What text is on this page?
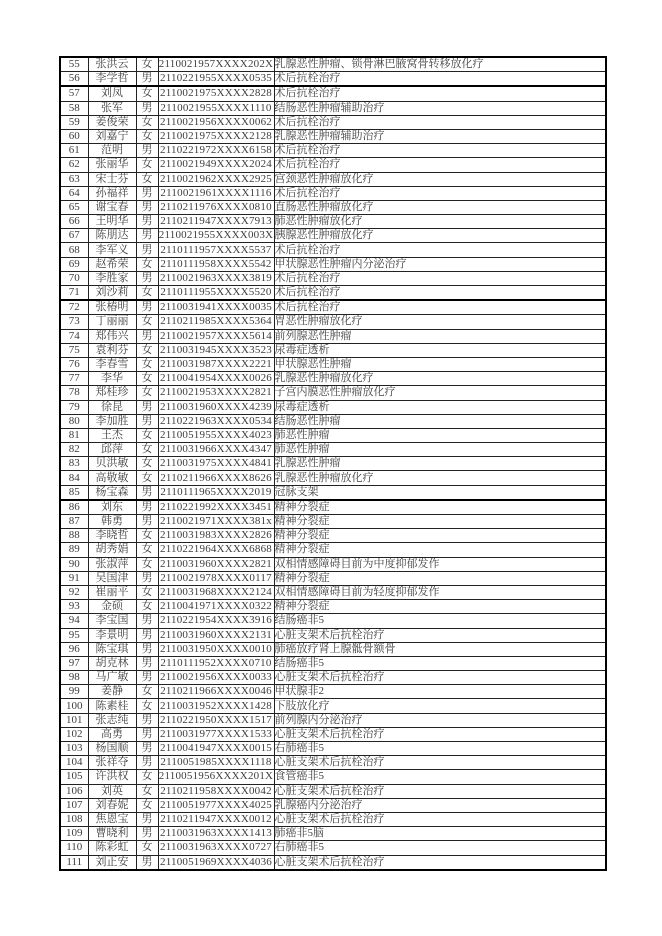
55	张洪云	女	2110021957XXXX202X	乳腺恶性肿瘤、锁骨淋巴腋窝骨转移放化疗
56	李学哲	男	2110221955XXXX0535	术后抗栓治疗
57	刘凤	女	2110021975XXXX2828	术后抗栓治疗
58	张军	男	2110021955XXXX1110	结肠恶性肿瘤辅助治疗
59	姜俊荣	女	2110021956XXXX0062	术后抗栓治疗
60	刘嘉宁	女	2110021975XXXX2128	乳腺恶性肿瘤辅助治疗
61	范明	男	2110221972XXXX6158	术后抗栓治疗
62	张丽华	女	2110021949XXXX2024	术后抗栓治疗
63	宋士芬	女	2110021962XXXX2925	宫颈恶性肿瘤放化疗
64	孙福祥	男	2110021961XXXX1116	术后抗栓治疗
65	谢宝春	男	2110211976XXXX0810	直肠恶性肿瘤放化疗
66	王明华	男	2110211947XXXX7913	肺恶性肿瘤放化疗
67	陈朋达	男	2110021955XXXX003X	胰腺恶性肿瘤放化疗
68	李军义	男	2110111957XXXX5537	术后抗栓治疗
69	赵希荣	女	2110111958XXXX5542	甲状腺恶性肿瘤内分泌治疗
70	李胜家	男	2110021963XXXX3819	术后抗栓治疗
71	刘沙莉	女	2110111955XXXX5520	术后抗栓治疗
72	张椿明	男	2110031941XXXX0035	术后抗栓治疗
73	丁丽丽	女	2110211985XXXX5364	胃恶性肿瘤放化疗
74	郑伟兴	男	2110021957XXXX5614	前列腺恶性肿瘤
75	袁利芬	女	2110031945XXXX3523	尿毒症透析
76	李春雪	女	2110031987XXXX2221	甲状腺恶性肿瘤
77	李华	女	2110041954XXXX0026	乳腺恶性肿瘤放化疗
78	郑桂珍	女	2110021953XXXX2821	子宫内膜恶性肿瘤放化疗
79	徐昆	男	2110031960XXXX4239	尿毒症透析
80	李加胜	男	2110221963XXXX0534	结肠恶性肿瘤
81	王杰	女	2110051955XXXX4023	肺恶性肿瘤
82	邱萍	女	2110031966XXXX4347	肺恶性肿瘤
83	贝洪敏	女	2110031975XXXX4841	乳腺恶性肿瘤
84	高敬敏	女	2110211966XXXX8626	乳腺恶性肿瘤放化疗
85	杨宝森	男	2110111965XXXX2019	冠脉支架
86	刘东	男	2110221992XXXX3451	精神分裂症
87	韩勇	男	2110021971XXXX381x	精神分裂症
88	李晓哲	女	2110031983XXXX2826	精神分裂症
89	胡秀娟	女	2110221964XXXX6868	精神分裂症
90	张淑萍	女	2110031960XXXX2821	双相情感障碍目前为中度抑郁发作
91	吴国津	男	2110021978XXXX0117	精神分裂症
92	崔丽平	女	2110031968XXXX2124	双相情感障碍目前为轻度抑郁发作
93	金硕	女	2110041971XXXX0322	精神分裂症
94	李宝国	男	2110221954XXXX3916	结肠癌非5
95	李景明	男	2110031960XXXX2131	心脏支架术后抗栓治疗
96	陈宝琪	男	2110031950XXXX0010	肺癌放疗肾上腺骶骨额骨
97	胡克林	男	2110111952XXXX0710	结肠癌非5
98	马广敏	男	2110021956XXXX0033	心脏支架术后抗栓治疗
99	姜静	女	2110211966XXXX0046	甲状腺非2
100	陈素桂	女	2110031952XXXX1428	下肢放化疗
101	张志纯	男	2110221950XXXX1517	前列腺内分泌治疗
102	高勇	男	2110031977XXXX1533	心脏支架术后抗栓治疗
103	杨国顺	男	2110041947XXXX0015	右肺癌非5
104	张祥夺	男	2110051985XXXX1118	心脏支架术后抗栓治疗
105	许洪权	女	2110051956XXXX201X	食管癌非5
106	刘英	女	2110211958XXXX0042	心脏支架术后抗栓治疗
107	刘春妮	女	2110051977XXXX4025	乳腺癌内分泌治疗
108	焦恩宝	男	2110211947XXXX0012	心脏支架术后抗栓治疗
109	曹晓利	男	2110031963XXXX1413	肺癌非5脑
110	陈彩虹	女	2110031963XXXX0727	右肺癌非5
111	刘正安	男	2110051969XXXX4036	心脏支架术后抗栓治疗
